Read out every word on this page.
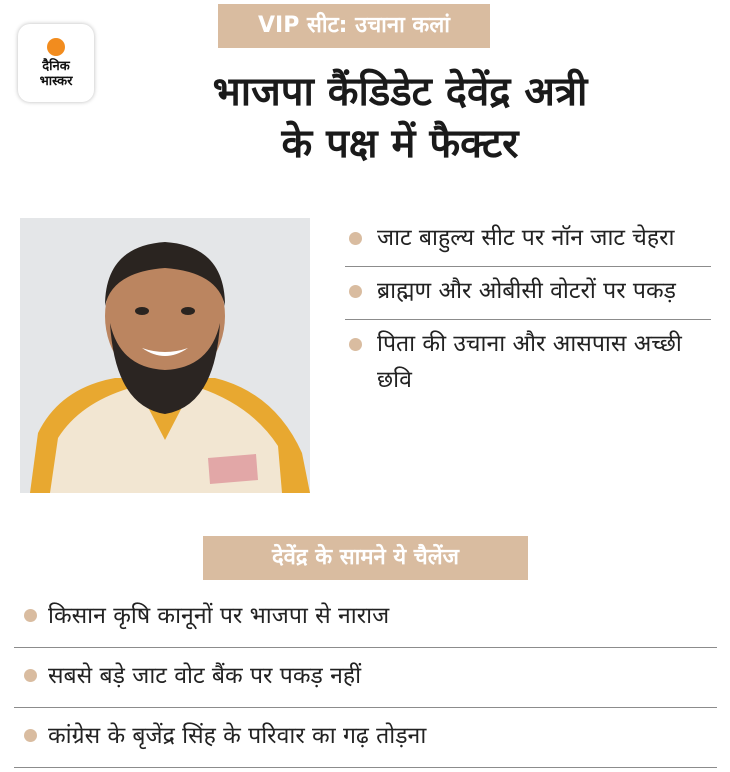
VIP सीट: उचाना कलां
दैनिक
भास्कर	भाजपा कैंडिडेट देवेंद्र अत्री
के पक्ष में फैक्टर
जाट बाहुल्य सीट पर नॉन जाट चेहरा
ब्राह्मण और ओबीसी वोटरों पर पकड़
पिता की उचाना और आसपास अच्छी छवि
देवेंद्र के सामने ये चैलेंज
किसान कृषि कानूनों पर भाजपा से नाराज
सबसे बड़े जाट वोट बैंक पर पकड़ नहीं
कांग्रेस के बृजेंद्र सिंह के परिवार का गढ़ तोड़ना
